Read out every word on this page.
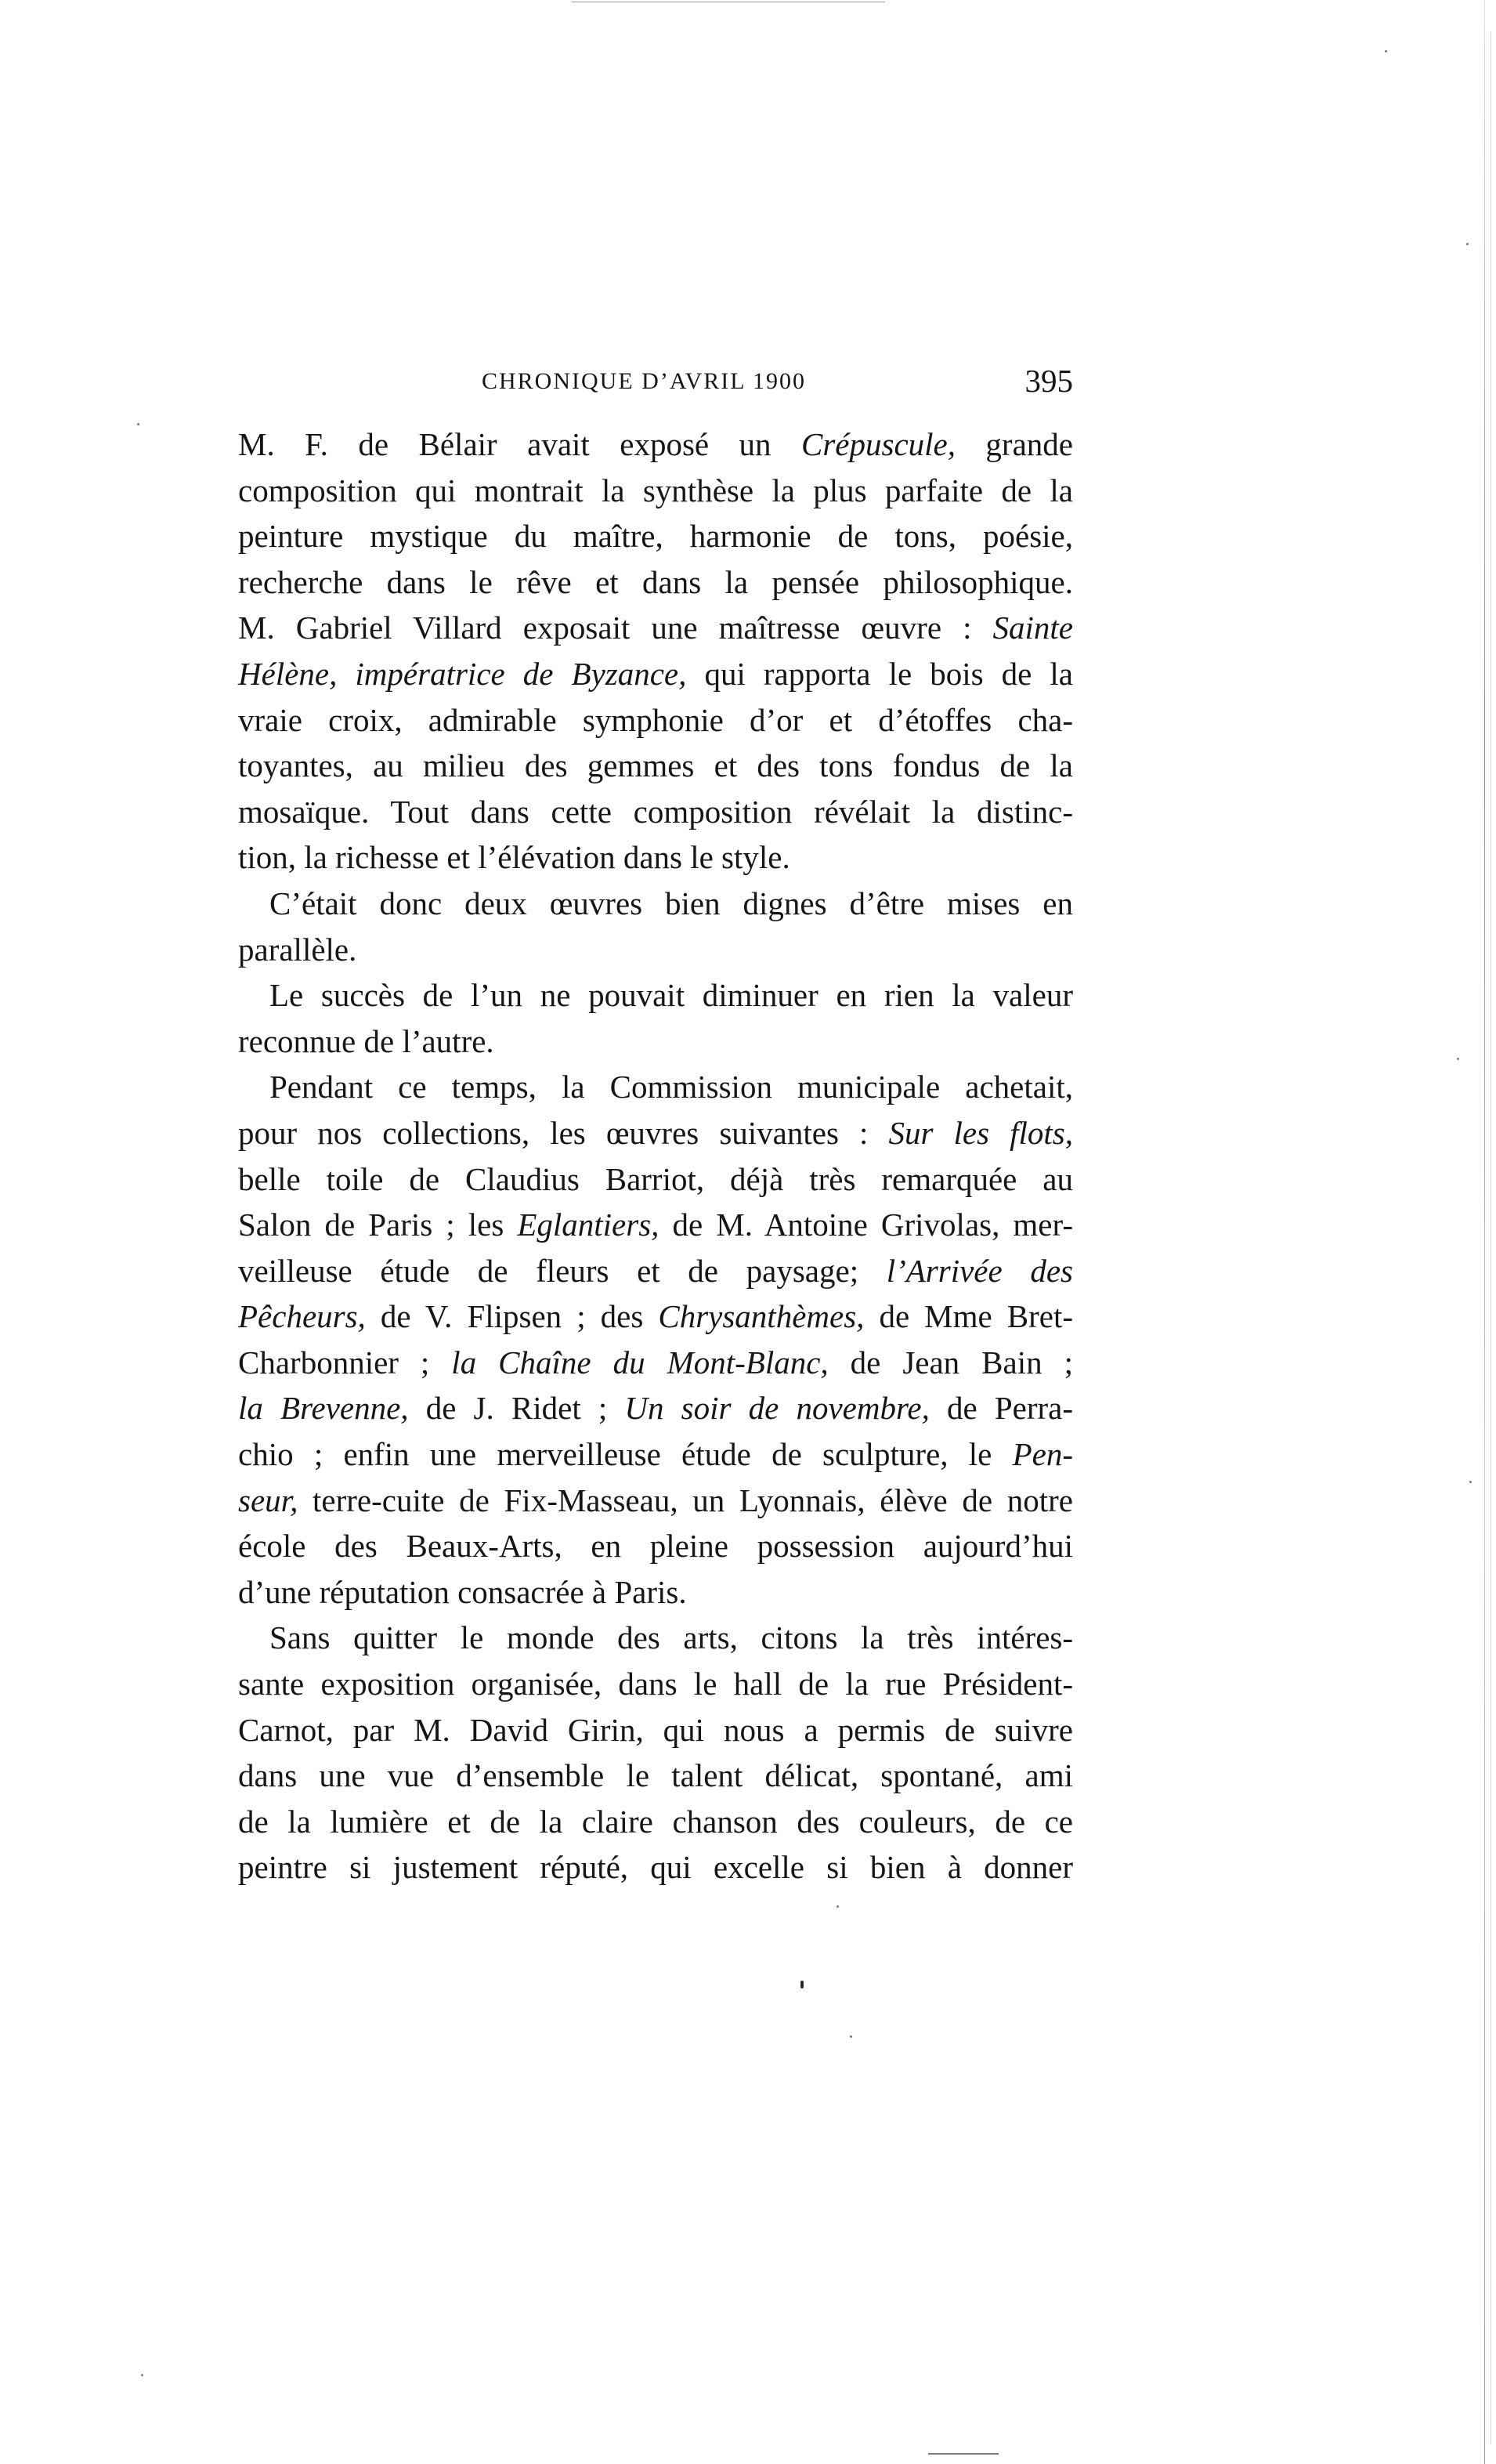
CHRONIQUE D’AVRIL 1900	395
M. F. de Bélair avait exposé un Crépuscule, grande
composition qui montrait la synthèse la plus parfaite de la
peinture mystique du maître, harmonie de tons, poésie,
recherche dans le rêve et dans la pensée philosophique.
M. Gabriel Villard exposait une maîtresse œuvre : Sainte
Hélène, impératrice de Byzance, qui rapporta le bois de la
vraie croix, admirable symphonie d’or et d’étoffes cha-
toyantes, au milieu des gemmes et des tons fondus de la
mosaïque. Tout dans cette composition révélait la distinc-
tion, la richesse et l’élévation dans le style.
C’était donc deux œuvres bien dignes d’être mises en
parallèle.
Le succès de l’un ne pouvait diminuer en rien la valeur
reconnue de l’autre.
Pendant ce temps, la Commission municipale achetait,
pour nos collections, les œuvres suivantes : Sur les flots,
belle toile de Claudius Barriot, déjà très remarquée au
Salon de Paris ; les Eglantiers, de M. Antoine Grivolas, mer-
veilleuse étude de fleurs et de paysage; l’Arrivée des
Pêcheurs, de V. Flipsen ; des Chrysanthèmes, de Mme Bret-
Charbonnier ; la Chaîne du Mont-Blanc, de Jean Bain ;
la Brevenne, de J. Ridet ; Un soir de novembre, de Perra-
chio ; enfin une merveilleuse étude de sculpture, le Pen-
seur, terre-cuite de Fix-Masseau, un Lyonnais, élève de notre
école des Beaux-Arts, en pleine possession aujourd’hui
d’une réputation consacrée à Paris.
Sans quitter le monde des arts, citons la très intéres-
sante exposition organisée, dans le hall de la rue Président-
Carnot, par M. David Girin, qui nous a permis de suivre
dans une vue d’ensemble le talent délicat, spontané, ami
de la lumière et de la claire chanson des couleurs, de ce
peintre si justement réputé, qui excelle si bien à donner
